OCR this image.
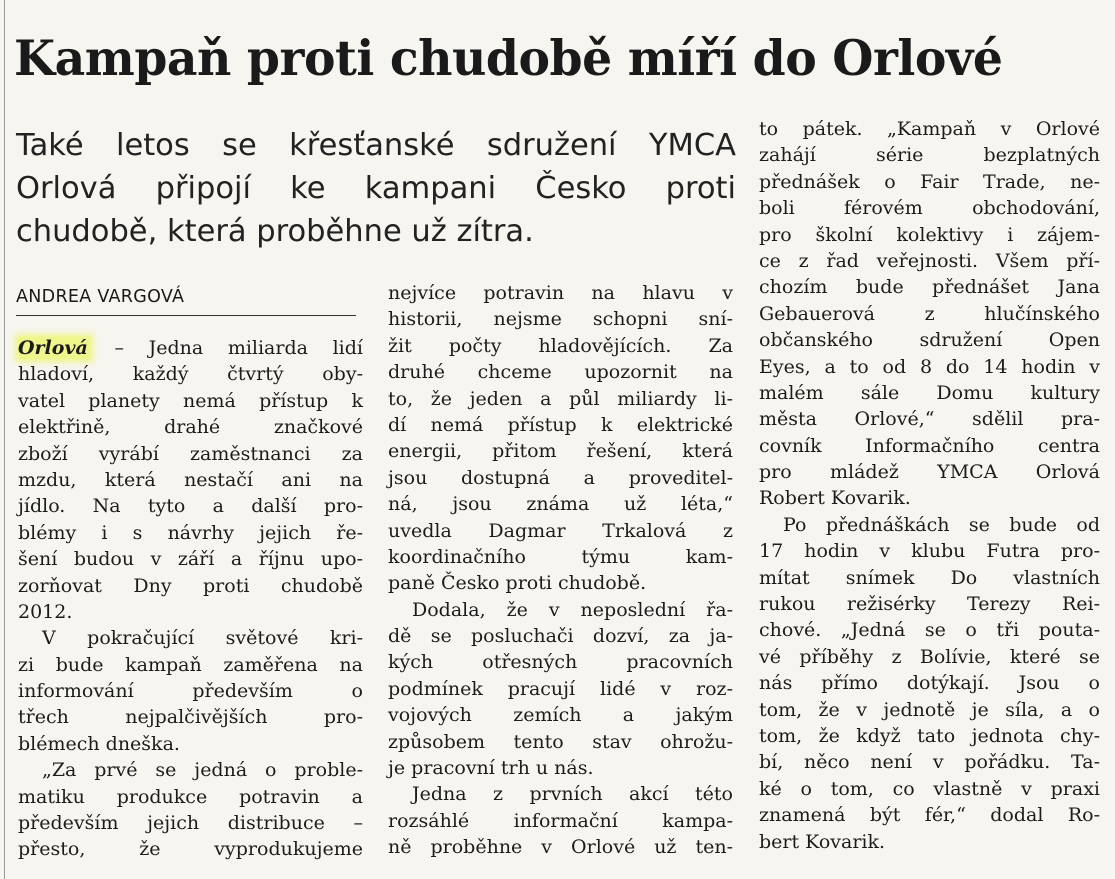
Kampaň proti chudobě míří do Orlové
Také letos se křesťanské sdružení YMCA
Orlová připojí ke kampani Česko proti
chudobě, která proběhne už zítra.
ANDREA VARGOVÁ
Orlová – Jedna miliarda lidí
hladoví, každý čtvrtý oby-
vatel planety nemá přístup k
elektřině, drahé značkové
zboží vyrábí zaměstnanci za
mzdu, která nestačí ani na
jídlo. Na tyto a další pro-
blémy i s návrhy jejich ře-
šení budou v září a říjnu upo-
zorňovat Dny proti chudobě
2012.
V pokračující světové kri-
zi bude kampaň zaměřena na
informování především o
třech nejpalčivějších pro-
blémech dneška.
„Za prvé se jedná o proble-
matiku produkce potravin a
především jejich distribuce –
přesto, že vyprodukujeme
nejvíce potravin na hlavu v
historii, nejsme schopni sní-
žit počty hladovějících. Za
druhé chceme upozornit na
to, že jeden a půl miliardy li-
dí nemá přístup k elektrické
energii, přitom řešení, která
jsou dostupná a proveditel-
ná, jsou známa už léta,“
uvedla Dagmar Trkalová z
koordinačního týmu kam-
paně Česko proti chudobě.
Dodala, že v neposlední řa-
dě se posluchači dozví, za ja-
kých otřesných pracovních
podmínek pracují lidé v roz-
vojových zemích a jakým
způsobem tento stav ohrožu-
je pracovní trh u nás.
Jedna z prvních akcí této
rozsáhlé informační kampa-
ně proběhne v Orlové už ten-
to pátek. „Kampaň v Orlové
zahájí série bezplatných
přednášek o Fair Trade, ne-
boli férovém obchodování,
pro školní kolektivy i zájem-
ce z řad veřejnosti. Všem pří-
chozím bude přednášet Jana
Gebauerová z hlučínského
občanského sdružení Open
Eyes, a to od 8 do 14 hodin v
malém sále Domu kultury
města Orlové,“ sdělil pra-
covník Informačního centra
pro mládež YMCA Orlová
Robert Kovarik.
Po přednáškách se bude od
17 hodin v klubu Futra pro-
mítat snímek Do vlastních
rukou režisérky Terezy Rei-
chové. „Jedná se o tři pouta-
vé příběhy z Bolívie, které se
nás přímo dotýkají. Jsou o
tom, že v jednotě je síla, a o
tom, že když tato jednota chy-
bí, něco není v pořádku. Ta-
ké o tom, co vlastně v praxi
znamená být fér,“ dodal Ro-
bert Kovarik.
